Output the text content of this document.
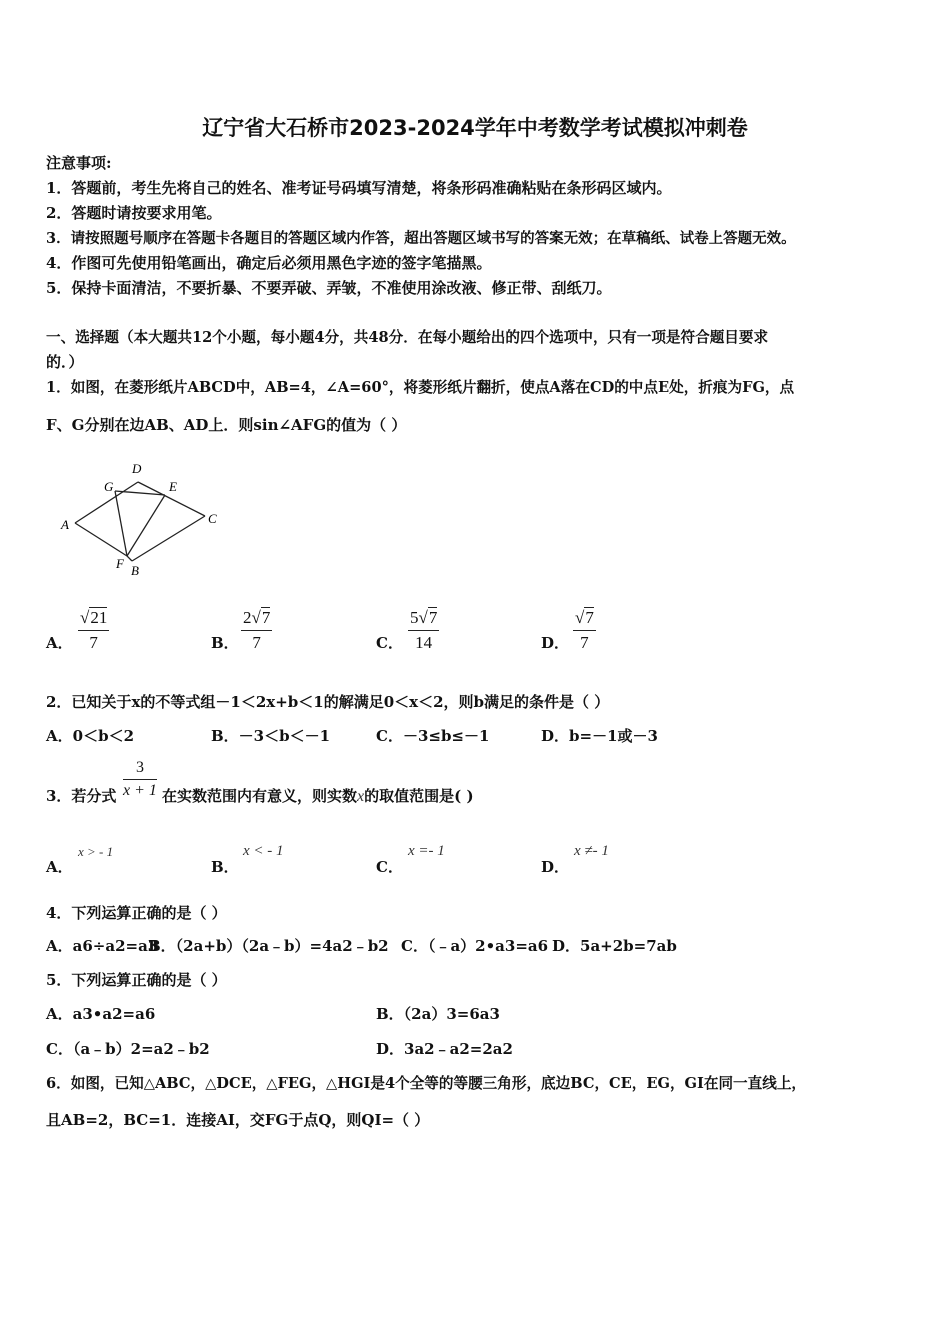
辽宁省大石桥市2023-2024学年中考数学考试模拟冲刺卷
注意事项:
1．答题前，考生先将自己的姓名、准考证号码填写清楚，将条形码准确粘贴在条形码区域内。
2．答题时请按要求用笔。
3．请按照题号顺序在答题卡各题目的答题区域内作答，超出答题区域书写的答案无效；在草稿纸、试卷上答题无效。
4．作图可先使用铅笔画出，确定后必须用黑色字迹的签字笔描黑。
5．保持卡面清洁，不要折暴、不要弄破、弄皱，不准使用涂改液、修正带、刮纸刀。
一、选择题（本大题共12个小题，每小题4分，共48分．在每小题给出的四个选项中，只有一项是符合题目要求
的．）
1．如图，在菱形纸片ABCD中，AB=4，∠A=60°，将菱形纸片翻折，使点A落在CD的中点E处，折痕为FG，点
F、G分别在边AB、AD上．则sin∠AFG的值为（ ）
A
D
G	E
C
F B
A． $\frac{√21}{7}$	B． $\frac{2√7}{7}$	C． $\frac{5√7}{14}$	D． $\frac{√7}{7}$
2．已知关于x的不等式组－1＜2x+b＜1的解满足0＜x＜2，则b满足的条件是（ ）
A．0＜b＜2	B．－3＜b＜－1	C．－3≤b≤－1	D．b=－1或－3
3．若分式 $\frac{3}{x + 1}$ 在实数范围内有意义，则实数x的取值范围是( )
A．
x > - 1
B．
x < - 1
C．
x =- 1
D．
x ≠- 1
4．下列运算正确的是（ ）
A．a6÷a2=a3
B．（2a+b）（2a﹣b）=4a2﹣b2 C．（﹣a）2•a3=a6 D．5a+2b=7ab
5．下列运算正确的是（ ）
A．a3•a2=a6	B．（2a）3=6a3
C．（a﹣b）2=a2﹣b2	D．3a2﹣a2=2a2
6．如图，已知△ABC，△DCE，△FEG，△HGI是4个全等的等腰三角形，底边BC，CE，EG，GI在同一直线上，
且AB=2，BC=1．连接AI，交FG于点Q，则QI=（ ）
